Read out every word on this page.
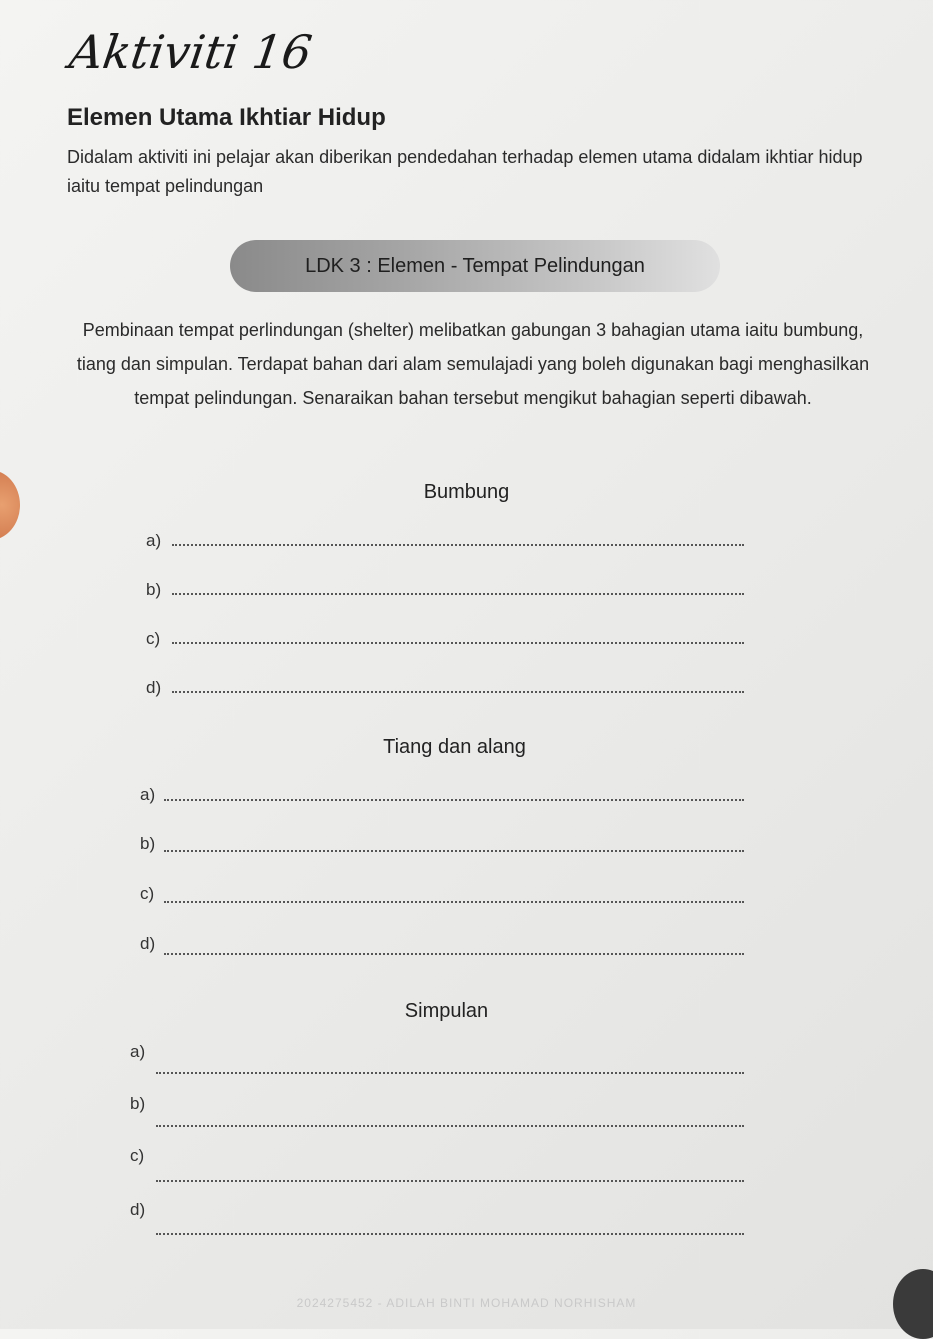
Aktiviti 16
Elemen Utama Ikhtiar Hidup
Didalam aktiviti ini pelajar akan diberikan pendedahan terhadap elemen utama didalam ikhtiar hidup iaitu tempat pelindungan
LDK 3 : Elemen - Tempat Pelindungan
Pembinaan tempat perlindungan (shelter) melibatkan gabungan 3 bahagian utama iaitu bumbung, tiang dan simpulan. Terdapat bahan dari alam semulajadi yang boleh digunakan bagi menghasilkan tempat pelindungan. Senaraikan bahan tersebut mengikut bahagian seperti dibawah.
Bumbung
a)
b)
c)
d)
Tiang dan alang
a)
b)
c)
d)
Simpulan
a)
b)
c)
d)
2024275452 - ADILAH BINTI MOHAMAD NORHISHAM
